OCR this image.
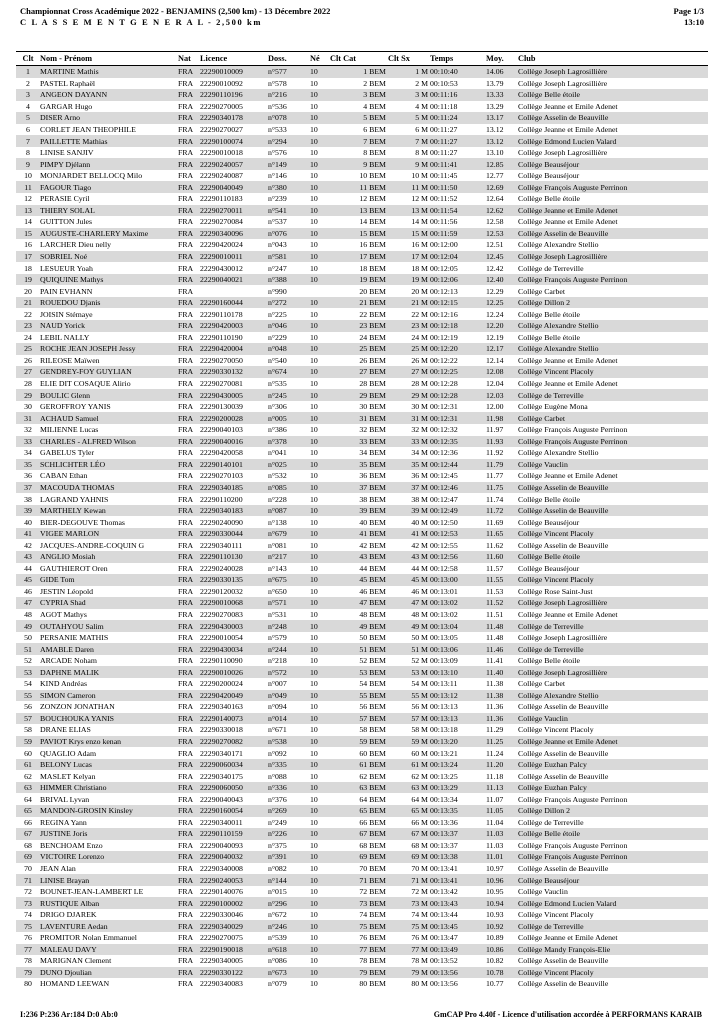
Championnat Cross Académique 2022 - BENJAMINS (2,500 km) - 13 Décembre 2022
C L A S S E M E N T G E N E R A L - 2,500 km
Page 1/3
13:10
Clt	Nom - Prénom	Nat	Licence	Doss.	Né	Clt Cat	Clt Sx	Temps	Moy.	Club
1	MARTINE Mathis	FRA	22290010009	n°577	10	1 BEM	1 M	00:10:40	14.06	Collège Joseph Lagrosillière
2	PASTEL Raphaël	FRA	22290010092	n°578	10	2 BEM	2 M	00:10:53	13.79	Collège Joseph Lagrosillière
3	ANGEON DAYANN	FRA	22290110196	n°216	10	3 BEM	3 M	00:11:16	13.33	Collège Belle étoile
4	GARGAR Hugo	FRA	22290270005	n°536	10	4 BEM	4 M	00:11:18	13.29	Collège Jeanne et Emile Adenet
5	DISER Arno	FRA	22290340178	n°078	10	5 BEM	5 M	00:11:24	13.17	Collège Asselin de Beauville
6	CORLET JEAN THEOPHILE	FRA	22290270027	n°533	10	6 BEM	6 M	00:11:27	13.12	Collège Jeanne et Emile Adenet
7	PAILLETTE Mathias	FRA	22290100074	n°294	10	7 BEM	7 M	00:11:27	13.12	Collège Edmond Lucien Valard
8	LINISE SANJIV	FRA	22290010018	n°576	10	8 BEM	8 M	00:11:27	13.10	Collège Joseph Lagrosillière
9	PIMPY Djélann	FRA	22290240057	n°149	10	9 BEM	9 M	00:11:41	12.85	Collège Beauséjour
10	MONJARDET BELLOCQ Milo	FRA	22290240087	n°146	10	10 BEM	10 M	00:11:45	12.77	Collège Beauséjour
11	FAGOUR Tiago	FRA	22290040049	n°380	10	11 BEM	11 M	00:11:50	12.69	Collège François Auguste Perrinon
12	PERASIE Cyril	FRA	22290110183	n°239	10	12 BEM	12 M	00:11:52	12.64	Collège Belle étoile
13	THIERY SOLAL	FRA	22290270011	n°541	10	13 BEM	13 M	00:11:54	12.62	Collège Jeanne et Emile Adenet
14	GUITTON Jules	FRA	22290270084	n°537	10	14 BEM	14 M	00:11:56	12.58	Collège Jeanne et Emile Adenet
15	AUGUSTE-CHARLERY Maxime	FRA	22290340096	n°076	10	15 BEM	15 M	00:11:59	12.53	Collège Asselin de Beauville
16	LARCHER Dieu nelly	FRA	22290420024	n°043	10	16 BEM	16 M	00:12:00	12.51	Collège Alexandre Stellio
17	SOBRIEL Noé	FRA	22290010011	n°581	10	17 BEM	17 M	00:12:04	12.45	Collège Joseph Lagrosillière
18	LESUEUR Yoah	FRA	22290430012	n°247	10	18 BEM	18 M	00:12:05	12.42	Collège de Terreville
19	QUIQUINE Mathys	FRA	22290040021	n°388	10	19 BEM	19 M	00:12:06	12.40	Collège François Auguste Perrinon
20	PAIN EVHANN	FRA		n°990		20 BEM	20 M	00:12:13	12.29	Collège Carbet
21	ROUEDOU Djanis	FRA	22290160044	n°272	10	21 BEM	21 M	00:12:15	12.25	Collège Dillon 2
22	JOISIN Stémaye	FRA	22290110178	n°225	10	22 BEM	22 M	00:12:16	12.24	Collège Belle étoile
23	NAUD Yorick	FRA	22290420003	n°046	10	23 BEM	23 M	00:12:18	12.20	Collège Alexandre Stellio
24	LEBIL NALLY	FRA	22290110190	n°229	10	24 BEM	24 M	00:12:19	12.19	Collège Belle étoile
25	ROCHE JEAN JOSEPH Jessy	FRA	22290420004	n°048	10	25 BEM	25 M	00:12:20	12.17	Collège Alexandre Stellio
26	RILEOSE Maïwen	FRA	22290270050	n°540	10	26 BEM	26 M	00:12:22	12.14	Collège Jeanne et Emile Adenet
27	GENDREY-FOY GUYLIAN	FRA	22290330132	n°674	10	27 BEM	27 M	00:12:25	12.08	Collège Vincent Placoly
28	ELIE DIT COSAQUE Alirio	FRA	22290270081	n°535	10	28 BEM	28 M	00:12:28	12.04	Collège Jeanne et Emile Adenet
29	BOULIC Glenn	FRA	22290430005	n°245	10	29 BEM	29 M	00:12:28	12.03	Collège de Terreville
30	GEROFFROY YANIS	FRA	22290130039	n°306	10	30 BEM	30 M	00:12:31	12.00	Collège Eugène Mona
31	ACHAUD Samuel	FRA	22290200028	n°005	10	31 BEM	31 M	00:12:31	11.98	Collège Carbet
32	MILIENNE Lucas	FRA	22290040103	n°386	10	32 BEM	32 M	00:12:32	11.97	Collège François Auguste Perrinon
33	CHARLES - ALFRED Wilson	FRA	22290040016	n°378	10	33 BEM	33 M	00:12:35	11.93	Collège François Auguste Perrinon
34	GABELUS Tyler	FRA	22290420058	n°041	10	34 BEM	34 M	00:12:36	11.92	Collège Alexandre Stellio
35	SCHLICHTER LÉO	FRA	22290140101	n°025	10	35 BEM	35 M	00:12:44	11.79	Collège Vauclin
36	CABAN Ethan	FRA	22290270103	n°532	10	36 BEM	36 M	00:12:45	11.77	Collège Jeanne et Emile Adenet
37	MACOUDA THOMAS	FRA	22290340185	n°085	10	37 BEM	37 M	00:12:46	11.75	Collège Asselin de Beauville
38	LAGRAND YAHNIS	FRA	22290110200	n°228	10	38 BEM	38 M	00:12:47	11.74	Collège Belle étoile
39	MARTHELY Kewan	FRA	22290340183	n°087	10	39 BEM	39 M	00:12:49	11.72	Collège Asselin de Beauville
40	BIER-DEGOUVE Thomas	FRA	22290240090	n°138	10	40 BEM	40 M	00:12:50	11.69	Collège Beauséjour
41	VIGEE MARLON	FRA	22290330044	n°679	10	41 BEM	41 M	00:12:53	11.65	Collège Vincent Placoly
42	JACQUES-ANDRE-COQUIN G	FRA	22290340111	n°081	10	42 BEM	42 M	00:12:55	11.62	Collège Asselin de Beauville
43	ANGLIO Mosiah	FRA	22290110130	n°217	10	43 BEM	43 M	00:12:56	11.60	Collège Belle étoile
44	GAUTHIEROT Oren	FRA	22290240028	n°143	10	44 BEM	44 M	00:12:58	11.57	Collège Beauséjour
45	GIDE Tom	FRA	22290330135	n°675	10	45 BEM	45 M	00:13:00	11.55	Collège Vincent Placoly
46	JESTIN Léopold	FRA	22290120032	n°650	10	46 BEM	46 M	00:13:01	11.53	Collège Rose Saint-Just
47	CYPRIA Shad	FRA	22290010068	n°571	10	47 BEM	47 M	00:13:02	11.52	Collège Joseph Lagrosillière
48	AGOT Mathys	FRA	22290270083	n°531	10	48 BEM	48 M	00:13:02	11.51	Collège Jeanne et Emile Adenet
49	OUTAHYOU Salim	FRA	22290430003	n°248	10	49 BEM	49 M	00:13:04	11.48	Collège de Terreville
50	PERSANIE MATHIS	FRA	22290010054	n°579	10	50 BEM	50 M	00:13:05	11.48	Collège Joseph Lagrosillière
51	AMABLE Daren	FRA	22290430034	n°244	10	51 BEM	51 M	00:13:06	11.46	Collège de Terreville
52	ARCADE Noham	FRA	22290110090	n°218	10	52 BEM	52 M	00:13:09	11.41	Collège Belle étoile
53	DAPHNE MALIK	FRA	22290010026	n°572	10	53 BEM	53 M	00:13:10	11.40	Collège Joseph Lagrosillière
54	KIND Andréas	FRA	22290200024	n°007	10	54 BEM	54 M	00:13:11	11.38	Collège Carbet
55	SIMON Cameron	FRA	22290420049	n°049	10	55 BEM	55 M	00:13:12	11.38	Collège Alexandre Stellio
56	ZONZON JONATHAN	FRA	22290340163	n°094	10	56 BEM	56 M	00:13:13	11.36	Collège Asselin de Beauville
57	BOUCHOUKA YANIS	FRA	22290140073	n°014	10	57 BEM	57 M	00:13:13	11.36	Collège Vauclin
58	DRANE ELIAS	FRA	22290330018	n°671	10	58 BEM	58 M	00:13:18	11.29	Collège Vincent Placoly
59	PAVIOT Krys enzo kenan	FRA	22290270082	n°538	10	59 BEM	59 M	00:13:20	11.25	Collège Jeanne et Emile Adenet
60	QUAGLIO Adam	FRA	22290340171	n°092	10	60 BEM	60 M	00:13:21	11.24	Collège Asselin de Beauville
61	BELONY Lucas	FRA	22290060034	n°335	10	61 BEM	61 M	00:13:24	11.20	Collège Euzhan Palcy
62	MASLET Kelyan	FRA	22290340175	n°088	10	62 BEM	62 M	00:13:25	11.18	Collège Asselin de Beauville
63	HIMMER Christiano	FRA	22290060050	n°336	10	63 BEM	63 M	00:13:29	11.13	Collège Euzhan Palcy
64	BRIVAL Lyvan	FRA	22290040043	n°376	10	64 BEM	64 M	00:13:34	11.07	Collège François Auguste Perrinon
65	MANDON-GROSIN Kinsley	FRA	22290160054	n°269	10	65 BEM	65 M	00:13:35	11.05	Collège Dillon 2
66	REGINA Yann	FRA	22290340011	n°249	10	66 BEM	66 M	00:13:36	11.04	Collège de Terreville
67	JUSTINE Joris	FRA	22290110159	n°226	10	67 BEM	67 M	00:13:37	11.03	Collège Belle étoile
68	BENCHOAM Enzo	FRA	22290040093	n°375	10	68 BEM	68 M	00:13:37	11.03	Collège François Auguste Perrinon
69	VICTOIRE Lorenzo	FRA	22290040032	n°391	10	69 BEM	69 M	00:13:38	11.01	Collège François Auguste Perrinon
70	JEAN Alan	FRA	22290340008	n°082	10	70 BEM	70 M	00:13:41	10.97	Collège Asselin de Beauville
71	LINISE Brayan	FRA	22290240053	n°144	10	71 BEM	71 M	00:13:41	10.96	Collège Beauséjour
72	BOUNET-JEAN-LAMBERT LE	FRA	22290140076	n°015	10	72 BEM	72 M	00:13:42	10.95	Collège Vauclin
73	RUSTIQUE Alban	FRA	22290100002	n°296	10	73 BEM	73 M	00:13:43	10.94	Collège Edmond Lucien Valard
74	DRIGO DJAREK	FRA	22290330046	n°672	10	74 BEM	74 M	00:13:44	10.93	Collège Vincent Placoly
75	LAVENTURE Aedan	FRA	22290340029	n°246	10	75 BEM	75 M	00:13:45	10.92	Collège de Terreville
76	PROMITOR Nolan Emmanuel	FRA	22290270075	n°539	10	76 BEM	76 M	00:13:47	10.89	Collège Jeanne et Emile Adenet
77	MALEAU DAVY	FRA	22290190018	n°618	10	77 BEM	77 M	00:13:49	10.86	Collège Mandy François-Elie
78	MARIGNAN Clement	FRA	22290340005	n°086	10	78 BEM	78 M	00:13:52	10.82	Collège Asselin de Beauville
79	DUNO Djoulian	FRA	22290330122	n°673	10	79 BEM	79 M	00:13:56	10.78	Collège Vincent Placoly
80	HOMAND LEEWAN	FRA	22290340083	n°079	10	80 BEM	80 M	00:13:56	10.77	Collège Asselin de Beauville
I:236 P:236 Ar:184 D:0 Ab:0	GmCAP Pro 4.40f - Licence d'utilisation accordée à PERFORMANS KARAIB
